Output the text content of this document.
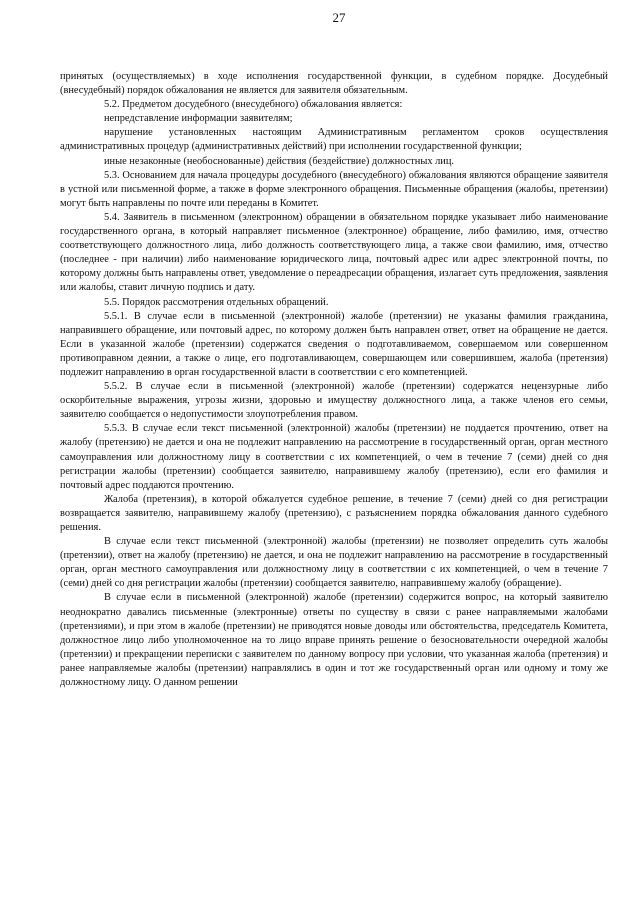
27

принятых (осуществляемых) в ходе исполнения государственной функции, в судебном порядке. Досудебный (внесудебный) порядок обжалования не является для заявителя обязательным.

5.2. Предметом досудебного (внесудебного) обжалования является:

непредставление информации заявителям;

нарушение установленных настоящим Административным регламентом сроков осуществления административных процедур (административных действий) при исполнении государственной функции;

иные незаконные (необоснованные) действия (бездействие) должностных лиц.

5.3. Основанием для начала процедуры досудебного (внесудебного) обжалования являются обращение заявителя в устной или письменной форме, а также в форме электронного обращения. Письменные обращения (жалобы, претензии) могут быть направлены по почте или переданы в Комитет.

5.4. Заявитель в письменном (электронном) обращении в обязательном порядке указывает либо наименование государственного органа, в который направляет письменное (электронное) обращение, либо фамилию, имя, отчество соответствующего должностного лица, либо должность соответствующего лица, а также свои фамилию, имя, отчество (последнее - при наличии) либо наименование юридического лица, почтовый адрес или адрес электронной почты, по которому должны быть направлены ответ, уведомление о переадресации обращения, излагает суть предложения, заявления или жалобы, ставит личную подпись и дату.

5.5. Порядок рассмотрения отдельных обращений.

5.5.1. В случае если в письменной (электронной) жалобе (претензии) не указаны фамилия гражданина, направившего обращение, или почтовый адрес, по которому должен быть направлен ответ, ответ на обращение не дается. Если в указанной жалобе (претензии) содержатся сведения о подготавливаемом, совершаемом или совершенном противоправном деянии, а также о лице, его подготавливающем, совершающем или совершившем, жалоба (претензия) подлежит направлению в орган государственной власти в соответствии с его компетенцией.

5.5.2. В случае если в письменной (электронной) жалобе (претензии) содержатся нецензурные либо оскорбительные выражения, угрозы жизни, здоровью и имуществу должностного лица, а также членов его семьи, заявителю сообщается о недопустимости злоупотребления правом.

5.5.3. В случае если текст письменной (электронной) жалобы (претензии) не поддается прочтению, ответ на жалобу (претензию) не дается и она не подлежит направлению на рассмотрение в государственный орган, орган местного самоуправления или должностному лицу в соответствии с их компетенцией, о чем в течение 7 (семи) дней со дня регистрации жалобы (претензии) сообщается заявителю, направившему жалобу (претензию), если его фамилия и почтовый адрес поддаются прочтению.

Жалоба (претензия), в которой обжалуется судебное решение, в течение 7 (семи) дней со дня регистрации возвращается заявителю, направившему жалобу (претензию), с разъяснением порядка обжалования данного судебного решения.

В случае если текст письменной (электронной) жалобы (претензии) не позволяет определить суть жалобы (претензии), ответ на жалобу (претензию) не дается, и она не подлежит направлению на рассмотрение в государственный орган, орган местного самоуправления или должностному лицу в соответствии с их компетенцией, о чем в течение 7 (семи) дней со дня регистрации жалобы (претензии) сообщается заявителю, направившему жалобу (обращение).

В случае если в письменной (электронной) жалобе (претензии) содержится вопрос, на который заявителю неоднократно давались письменные (электронные) ответы по существу в связи с ранее направляемыми жалобами (претензиями), и при этом в жалобе (претензии) не приводятся новые доводы или обстоятельства, председатель Комитета, должностное лицо либо уполномоченное на то лицо вправе принять решение о безосновательности очередной жалобы (претензии) и прекращении переписки с заявителем по данному вопросу при условии, что указанная жалоба (претензия) и ранее направляемые жалобы (претензии) направлялись в один и тот же государственный орган или одному и тому же должностному лицу. О данном решении
